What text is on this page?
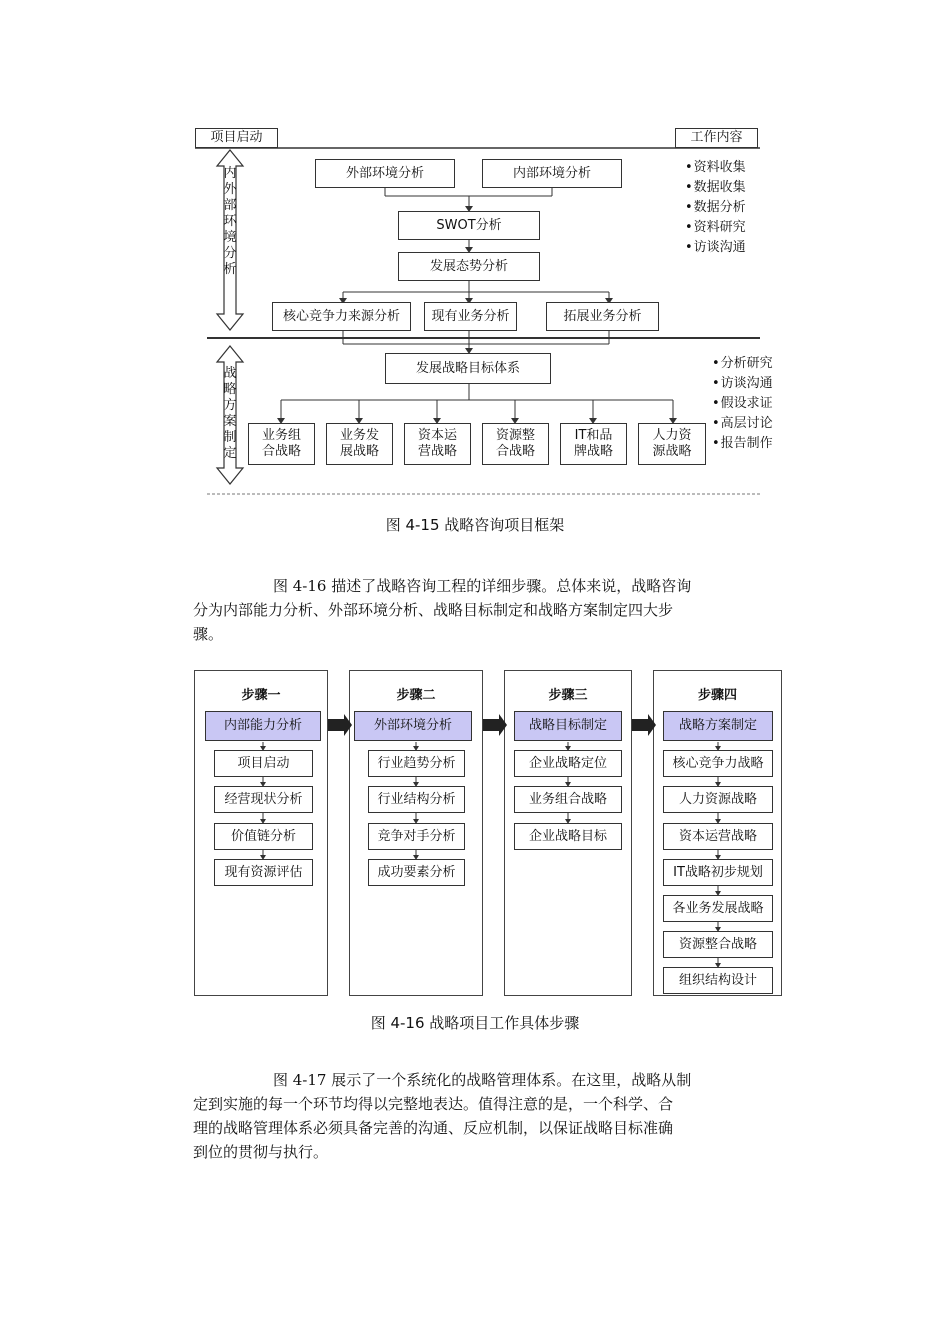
项目启动	工作内容
内
外
部
环
境
分
析
战
略
方
案
制
定
外部环境分析	内部环境分析
SWOT分析
发展态势分析
核心竞争力来源分析	现有业务分析	拓展业务分析
发展战略目标体系
业务组
合战略
业务发
展战略
资本运
营战略
资源整
合战略
IT和品
牌战略
人力资
源战略
• 资料收集
• 数据收集
• 数据分析
• 资料研究
• 访谈沟通
• 分析研究
• 访谈沟通
• 假设求证
• 高层讨论
• 报告制作
图 4-15 战略咨询项目框架
图 4-16 描述了战略咨询工程的详细步骤。总体来说，战略咨询
分为内部能力分析、外部环境分析、战略目标制定和战略方案制定四大步
骤。
步骤一	步骤二	步骤三	步骤四
内部能力分析
项目启动
经营现状分析
价值链分析
现有资源评估
外部环境分析
行业趋势分析
行业结构分析
竞争对手分析
成功要素分析
战略目标制定
企业战略定位
业务组合战略
企业战略目标
战略方案制定
核心竞争力战略
人力资源战略
资本运营战略
IT战略初步规划
各业务发展战略
资源整合战略
组织结构设计
图 4-16 战略项目工作具体步骤
图 4-17 展示了一个系统化的战略管理体系。在这里，战略从制
定到实施的每一个环节均得以完整地表达。值得注意的是，一个科学、合
理的战略管理体系必须具备完善的沟通、反应机制，以保证战略目标准确
到位的贯彻与执行。
